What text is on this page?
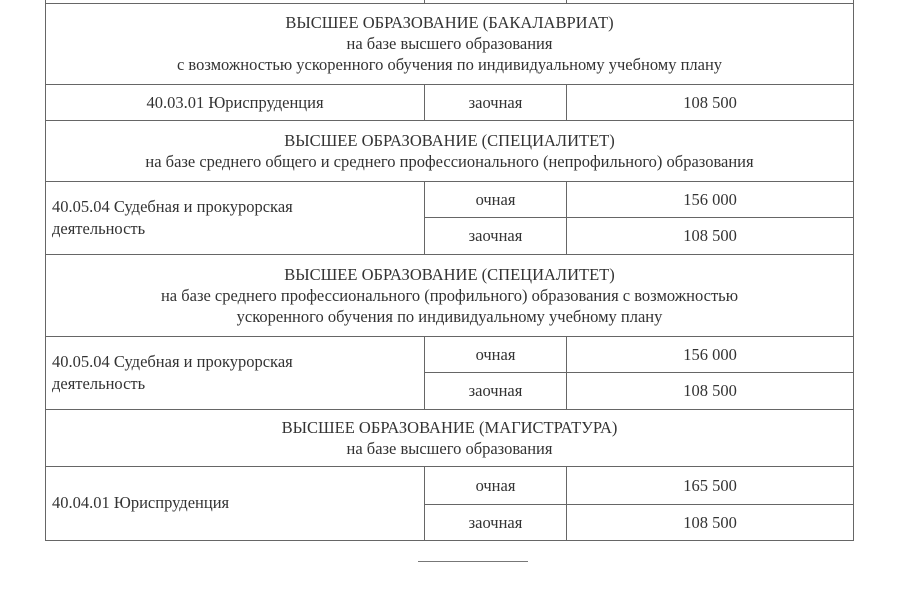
ВЫСШЕЕ ОБРАЗОВАНИЕ (БАКАЛАВРИАТ)
на базе высшего образования
с возможностью ускоренного обучения по индивидуальному учебному плану		

40.03.01 Юриспруденция	заочная	108 500

ВЫСШЕЕ ОБРАЗОВАНИЕ (СПЕЦИАЛИТЕТ)
на базе среднего общего и среднего профессионального (непрофильного) образования		

40.05.04 Судебная и прокурорская
деятельность	очная	156 000
	заочная	108 500

ВЫСШЕЕ ОБРАЗОВАНИЕ (СПЕЦИАЛИТЕТ)
на базе среднего профессионального (профильного) образования с возможностью
ускоренного обучения по индивидуальному учебному плану		

40.05.04 Судебная и прокурорская
деятельность	очная	156 000
	заочная	108 500

ВЫСШЕЕ ОБРАЗОВАНИЕ (МАГИСТРАТУРА)
на базе высшего образования		

40.04.01 Юриспруденция	очная	165 500
	заочная	108 500
